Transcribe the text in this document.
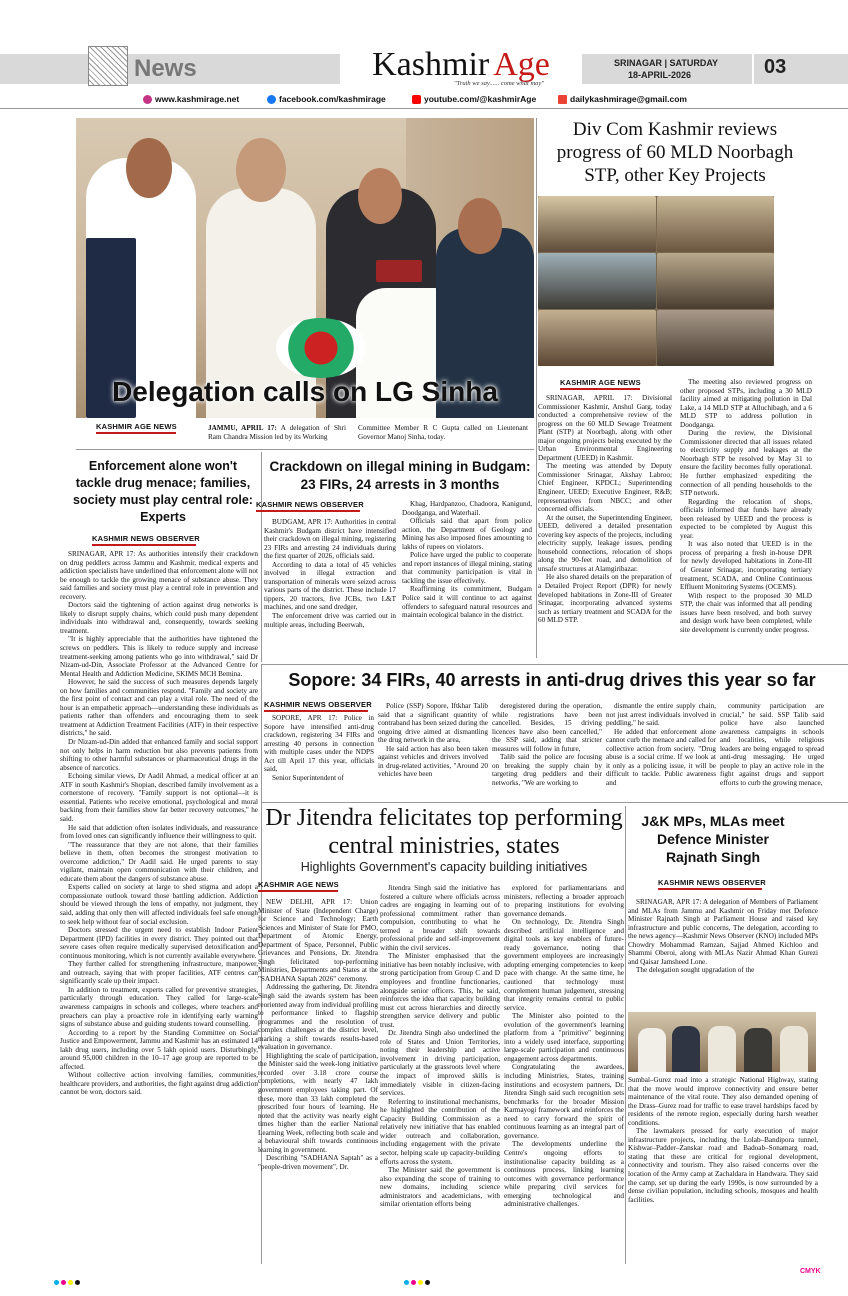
News	Kashmir Age
"Truth we say...... come what may"
SRINAGAR | SATURDAY
18-APRIL-2026	03
www.kashmirage.net	facebook.com/kashmirage	youtube.com/@kashmirAge	dailykashmirage@gmail.com
Delegation calls on LG Sinha
KASHMIR AGE NEWS	JAMMU, APRIL 17: A delegation of Shri Ram Chandra Mission led by its Working
Committee Member R C Gupta called on Lieutenant Governor Manoj Sinha, today.
Div Com Kashmir reviews progress of 60 MLD Noorbagh STP, other Key Projects
KASHMIR AGE NEWS

SRINAGAR, APRIL 17: Divisional Commissioner Kashmir, Anshul Garg, today conducted a comprehensive review of the progress on the 60 MLD Sewage Treatment Plant (STP) at Noorbagh, along with other major ongoing projects being executed by the Urban Environmental Engineering Department (UEED) in Kashmir.

The meeting was attended by Deputy Commissioner Srinagar, Akshay Labroo; Chief Engineer, KPDCL; Superintending Engineer, UEED; Executive Engineer, R&B; representatives from NBCC; and other concerned officials.

At the outset, the Superintending Engineer, UEED, delivered a detailed presentation covering key aspects of the projects, including electricity supply, leakage issues, pending household connections, relocation of shops along the 90-feet road, and demolition of unsafe structures at Alamgiribazar.

He also shared details on the preparation of a Detailed Project Report (DPR) for newly developed habitations in Zone-III of Greater Srinagar, incorporating advanced systems such as tertiary treatment and SCADA for the 60 MLD STP.

The meeting also reviewed progress on other proposed STPs, including a 30 MLD facility aimed at mitigating pollution in Dal Lake, a 14 MLD STP at Alluchibagh, and a 6 MLD STP to address pollution in Doodganga.

During the review, the Divisional Commissioner directed that all issues related to electricity supply and leakages at the Noorbagh STP be resolved by May 31 to ensure the facility becomes fully operational. He further emphasized expediting the connection of all pending households to the STP network.

Regarding the relocation of shops, officials informed that funds have already been released by UEED and the process is expected to be completed by August this year.

It was also noted that UEED is in the process of preparing a fresh in-house DPR for newly developed habitations in Zone-III of Greater Srinagar, incorporating tertiary treatment, SCADA, and Online Continuous Effluent Monitoring Systems (OCEMS).

With respect to the proposed 30 MLD STP, the chair was informed that all pending issues have been resolved, and both survey and design work have been completed, while site development is currently under progress.

Enforcement alone won't tackle drug menace; families, society must play central role: Experts
KASHMIR NEWS OBSERVER

SRINAGAR, APR 17: As authorities intensify their crackdown on drug peddlers across Jammu and Kashmir, medical experts and addiction specialists have underlined that enforcement alone will not be enough to tackle the growing menace of substance abuse. They said families and society must play a central role in prevention and recovery.

Doctors said the tightening of action against drug networks is likely to disrupt supply chains, which could push many dependent individuals into withdrawal and, consequently, towards seeking treatment.

"It is highly appreciable that the authorities have tightened the screws on peddlers. This is likely to reduce supply and increase treatment-seeking among patients who go into withdrawal," said Dr Nizam-ud-Din, Associate Professor at the Advanced Centre for Mental Health and Addiction Medicine, SKIMS MCH Bemina.

However, he said the success of such measures depends largely on how families and communities respond. "Family and society are the first point of contact and can play a vital role. The need of the hour is an empathetic approach—understanding these individuals as patients rather than offenders and encouraging them to seek treatment at Addiction Treatment Facilities (ATF) in their respective districts," he said.

Dr Nizam-ud-Din added that enhanced family and social support not only helps in harm reduction but also prevents patients from shifting to other harmful substances or pharmaceutical drugs in the absence of narcotics.

Echoing similar views, Dr Aadil Ahmad, a medical officer at an ATF in south Kashmir's Shopian, described family involvement as a cornerstone of recovery. "Family support is not optional—it is essential. Patients who receive emotional, psychological and moral backing from their families show far better recovery outcomes," he said.

He said that addiction often isolates individuals, and reassurance from loved ones can significantly influence their willingness to quit.

"The reassurance that they are not alone, that their families believe in them, often becomes the strongest motivation to overcome addiction," Dr Aadil said. He urged parents to stay vigilant, maintain open communication with their children, and educate them about the dangers of substance abuse.

Experts called on society at large to shed stigma and adopt a compassionate outlook toward those battling addiction. Addiction should be viewed through the lens of empathy, not judgment, they said, adding that only then will affected individuals feel safe enough to seek help without fear of social exclusion.

Doctors stressed the urgent need to establish Indoor Patient Department (IPD) facilities in every district. They pointed out that severe cases often require medically supervised detoxification and continuous monitoring, which is not currently available everywhere.

They further called for strengthening infrastructure, manpower, and outreach, saying that with proper facilities, ATF centres can significantly scale up their impact.

In addition to treatment, experts called for preventive strategies, particularly through education. They called for large-scale awareness campaigns in schools and colleges, where teachers and preachers can play a proactive role in identifying early warning signs of substance abuse and guiding students toward counselling.

According to a report by the Standing Committee on Social Justice and Empowerment, Jammu and Kashmir has an estimated 14 lakh drug users, including over 5 lakh opioid users. Disturbingly, around 95,000 children in the 10–17 age group are reported to be affected.

Without collective action involving families, communities, healthcare providers, and authorities, the fight against drug addiction cannot be won, doctors said.

Crackdown on illegal mining in Budgam: 23 FIRs, 24 arrests in 3 months
KASHMIR NEWS OBSERVER

BUDGAM, APR 17: Authorities in central Kashmir's Budgam district have intensified their crackdown on illegal mining, registering 23 FIRs and arresting 24 individuals during the first quarter of 2026, officials said.

According to data a total of 45 vehicles involved in illegal extraction and transportation of minerals were seized across various parts of the district. These include 17 tippers, 20 tractors, five JCBs, two L&T machines, and one sand dredger,

The enforcement drive was carried out in multiple areas, including Beerwah,

Khag, Hardpanzoo, Chadoora, Kanigund, Doodganga, and Waterhail.

Officials said that apart from police action, the Department of Geology and Mining has also imposed fines amounting to lakhs of rupees on violators.

Police have urged the public to cooperate and report instances of illegal mining, stating that community participation is vital in tackling the issue effectively.

Reaffirming its commitment, Budgam Police said it will continue to act against offenders to safeguard natural resources and maintain ecological balance in the district.

Sopore: 34 FIRs, 40 arrests in anti-drug drives this year so far
KASHMIR NEWS OBSERVER

SOPORE, APR 17: Police in Sopore have intensified anti-drug crackdown, registering 34 FIRs and arresting 40 persons in connection with multiple cases under the NDPS Act till April 17 this year, officials said,

Senior Superintendent of

Police (SSP) Sopore, Iftkhar Talib said that a significant quantity of contraband has been seized during the ongoing drive aimed at dismantling the drug network in the area,

He said action has also been taken against vehicles and drivers involved in drug-related activities, "Around 20 vehicles have been

deregistered during the operation, while registrations have been cancelled. Besides, 15 driving licences have also been cancelled," the SSP said, adding that stricter measures will follow in future,

Talib said the police are focusing on breaking the supply chain by targeting drug peddlers and their networks, "We are working to

dismantle the entire supply chain, not just arrest individuals involved in peddling," he said.

He added that enforcement alone cannot curb the menace and called for collective action from society. "Drug abuse is a social crime. If we look at it only as a policing issue, it will be difficult to tackle. Public awareness and

community participation are crucial," he said. SSP Talib said police have also launched awareness campaigns in schools and localities, while religious leaders are being engaged to spread anti-drug messaging. He urged people to play an active role in the fight against drugs and support efforts to curb the growing menace,

Dr Jitendra felicitates top performing central ministries, states
Highlights Government's capacity building initiatives
KASHMIR AGE NEWS

NEW DELHI, APR 17: Union Minister of State (Independent Charge) for Science and Technology; Earth Sciences and Minister of State for PMO, Department of Atomic Energy, Department of Space, Personnel, Public Grievances and Pensions, Dr. Jitendra Singh felicitated top-performing Ministries, Departments and States at the "SADHANA Saptah 2026" ceremony.

Addressing the gathering, Dr. Jitendra Singh said the awards system has been reoriented away from individual profiling to performance linked to flagship programmes and the resolution of complex challenges at the district level, marking a shift towards results-based evaluation in governance.

Highlighting the scale of participation, the Minister said the week-long initiative recorded over 3.18 crore course completions, with nearly 47 lakh government employees taking part. Of these, more than 33 lakh completed the prescribed four hours of learning. He noted that the activity was nearly eight times higher than the earlier National Learning Week, reflecting both scale and a behavioural shift towards continuous learning in government.

Describing "SADHANA Saptah" as a "people-driven movement", Dr.

Jitendra Singh said the initiative has fostered a culture where officials across cadres are engaging in learning out of professional commitment rather than compulsion, contributing to what he termed a broader shift towards professional pride and self-improvement within the civil services.

The Minister emphasised that the initiative has been notably inclusive, with strong participation from Group C and D employees and frontline functionaries, alongside senior officers. This, he said, reinforces the idea that capacity building must cut across hierarchies and directly strengthen service delivery and public trust.

Dr. Jitendra Singh also underlined the role of States and Union Territories, noting their leadership and active involvement in driving participation, particularly at the grassroots level where the impact of improved skills is immediately visible in citizen-facing services.

Referring to institutional mechanisms, he highlighted the contribution of the Capacity Building Commission as a relatively new initiative that has enabled wider outreach and collaboration, including engagement with the private sector, helping scale up capacity-building efforts across the system.

The Minister said the government is also expanding the scope of training to new domains, including science administrators and academicians, with similar orientation efforts being

explored for parliamentarians and ministers, reflecting a broader approach to preparing institutions for evolving governance demands.

On technology, Dr. Jitendra Singh described artificial intelligence and digital tools as key enablers of future-ready governance, noting that government employees are increasingly adopting emerging competencies to keep pace with change. At the same time, he cautioned that technology must complement human judgement, stressing that integrity remains central to public service.

The Minister also pointed to the evolution of the government's learning platform from a "primitive" beginning into a widely used interface, supporting large-scale participation and continuous engagement across departments.

Congratulating the awardees, including Ministries, States, training institutions and ecosystem partners, Dr. Jitendra Singh said such recognition sets benchmarks for the broader Mission Karmayogi framework and reinforces the need to carry forward the spirit of continuous learning as an integral part of governance.

The developments underline the Centre's ongoing efforts to institutionalise capacity building as a continuous process, linking learning outcomes with governance performance while preparing civil services for emerging technological and administrative challenges.

J&K MPs, MLAs meet Defence Minister Rajnath Singh
KASHMIR NEWS OBSERVER

SRINAGAR, APR 17: A delegation of Members of Parliament and MLAs from Jammu and Kashmir on Friday met Defence Minister Rajnath Singh at Parliament House and raised key infrastructure and public concerns, The delegation, according to the news agency—Kashmir News Observer (KNO) included MPs Chowdry Mohammad Ramzan, Sajjad Ahmed Kichloo and Shammi Oberoi, along with MLAs Nazir Ahmad Khan Gurezi and Qaisar Jamsheed Lone.

The delegation sought upgradation of the

Sumbal–Gurez road into a strategic National Highway, stating that the move would improve connectivity and ensure better maintenance of the vital route. They also demanded opening of the Drass–Gurez road for traffic to ease travel hardships faced by residents of the remote region, especially during harsh weather conditions.

The lawmakers pressed for early execution of major infrastructure projects, including the Lolab–Bandipora tunnel, Kishwar–Padder–Zanskar road and Badoab–Sonamarg road, stating that these are critical for regional development, connectivity and tourism. They also raised concerns over the location of the Army camp at Zachaldara in Handwara. They said the camp, set up during the early 1990s, is now surrounded by a dense civilian population, including schools, mosques and health facilities.

CMYK
